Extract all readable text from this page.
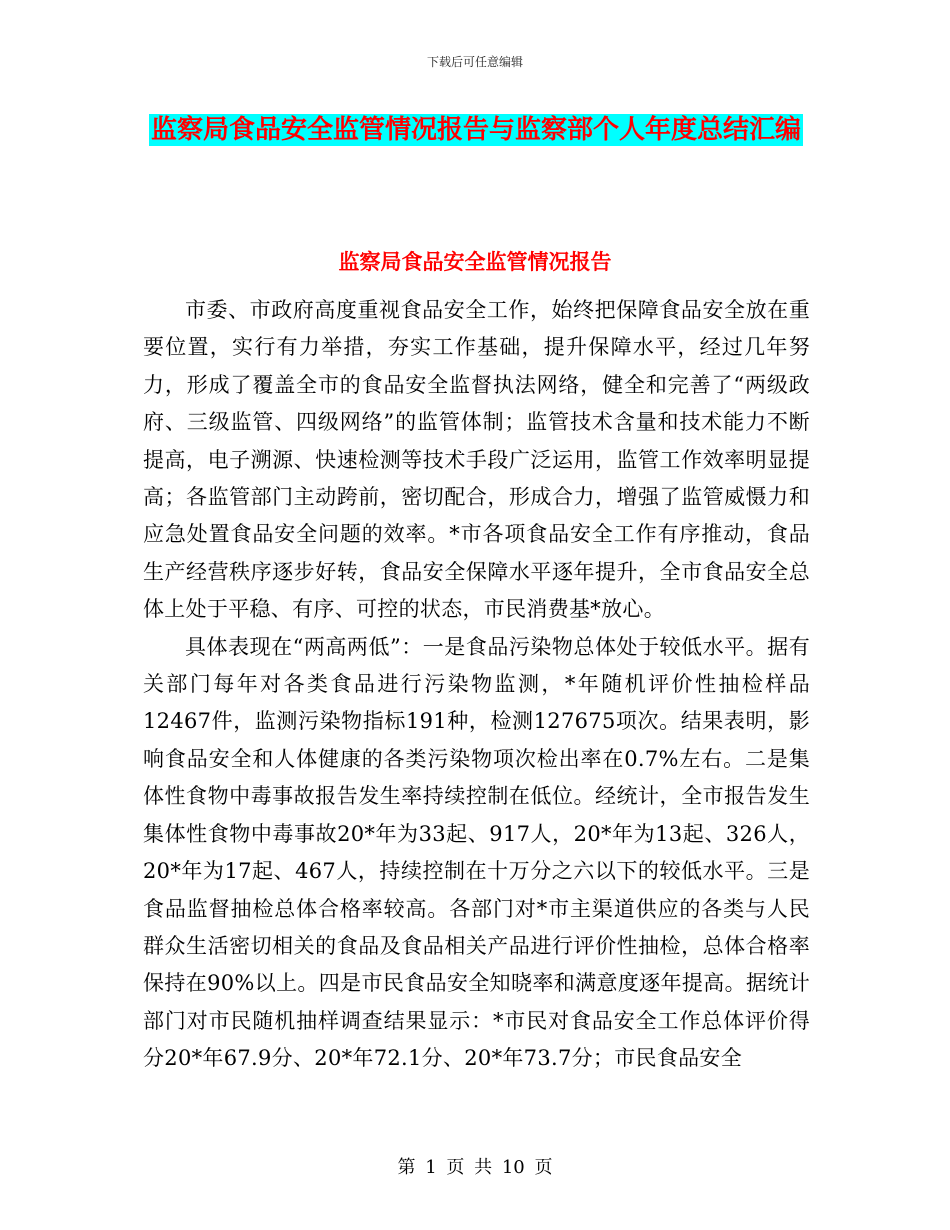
下载后可任意编辑
监察局食品安全监管情况报告与监察部个人年度总结汇编
监察局食品安全监管情况报告

市委、市政府高度重视食品安全工作，始终把保障食品安全放在重要位置，实行有力举措，夯实工作基础，提升保障水平，经过几年努力，形成了覆盖全市的食品安全监督执法网络，健全和完善了“两级政府、三级监管、四级网络”的监管体制；监管技术含量和技术能力不断提高，电子溯源、快速检测等技术手段广泛运用，监管工作效率明显提高；各监管部门主动跨前，密切配合，形成合力，增强了监管威慑力和应急处置食品安全问题的效率。*市各项食品安全工作有序推动，食品生产经营秩序逐步好转，食品安全保障水平逐年提升，全市食品安全总体上处于平稳、有序、可控的状态，市民消费基*放心。

具体表现在“两高两低”：一是食品污染物总体处于较低水平。据有关部门每年对各类食品进行污染物监测，*年随机评价性抽检样品12467件，监测污染物指标191种，检测127675项次。结果表明，影响食品安全和人体健康的各类污染物项次检出率在0.7%左右。二是集体性食物中毒事故报告发生率持续控制在低位。经统计，全市报告发生集体性食物中毒事故20*年为33起、917人，20*年为13起、326人，20*年为17起、467人，持续控制在十万分之六以下的较低水平。三是食品监督抽检总体合格率较高。各部门对*市主渠道供应的各类与人民群众生活密切相关的食品及食品相关产品进行评价性抽检，总体合格率保持在90%以上。四是市民食品安全知晓率和满意度逐年提高。据统计部门对市民随机抽样调查结果显示：*市民对食品安全工作总体评价得分20*年67.9分、20*年72.1分、20*年73.7分；市民食品安全

第 1 页 共 10 页
